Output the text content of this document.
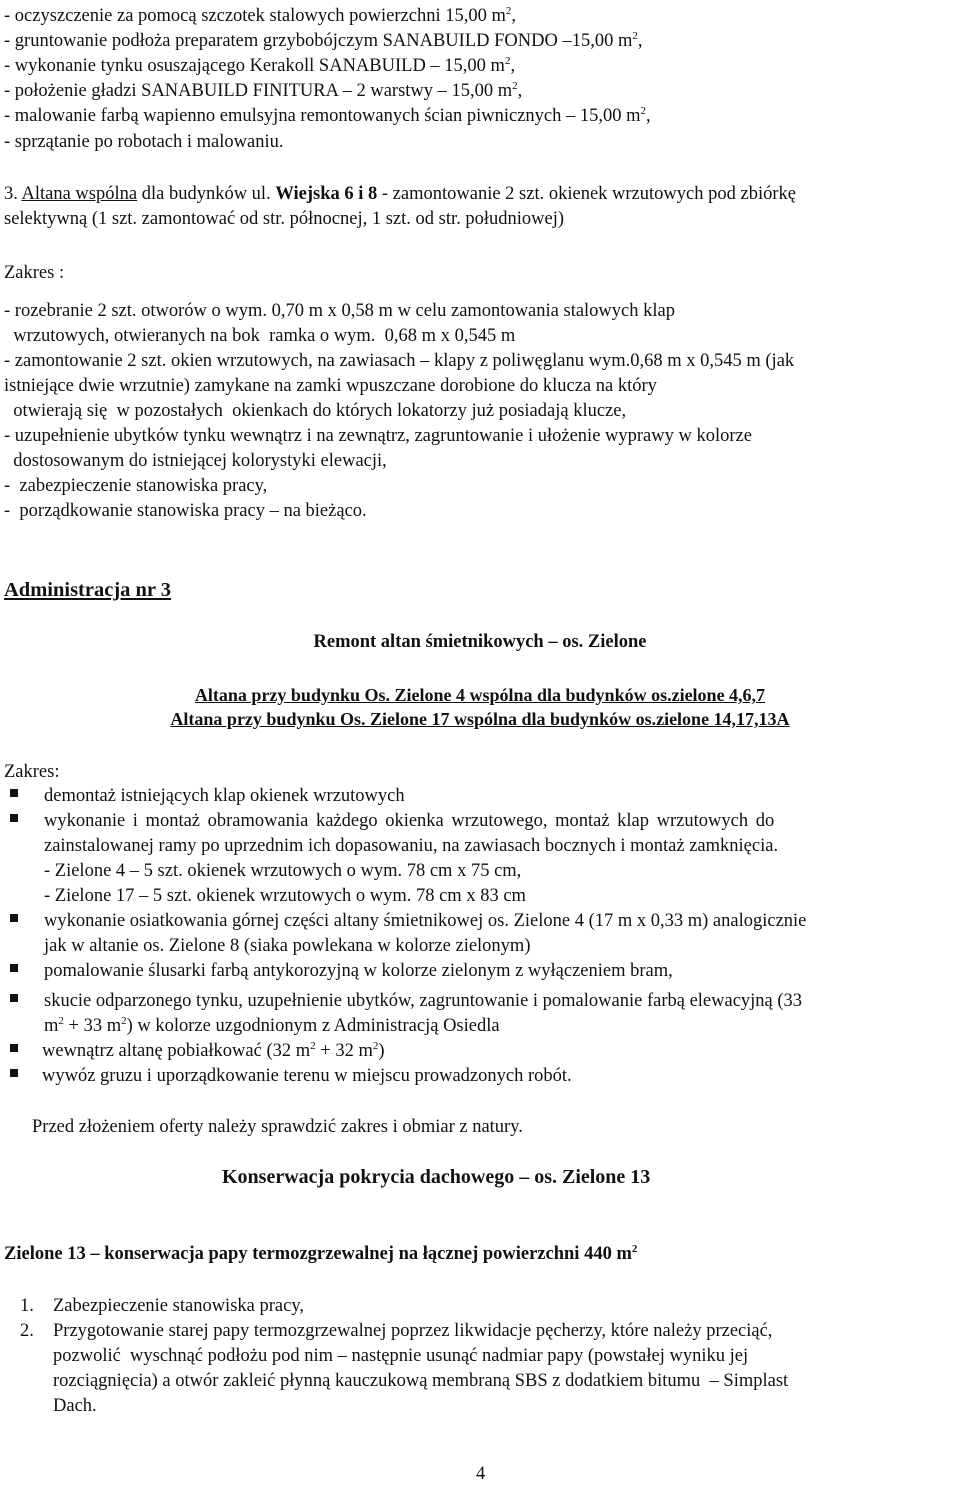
- oczyszczenie za pomocą szczotek stalowych powierzchni 15,00 $m^2$,
- gruntowanie podłoża preparatem grzybobójczym SANABUILD FONDO –15,00 $m^2$,
- wykonanie tynku osuszającego Kerakoll SANABUILD – 15,00 $m^2$,
- położenie gładzi SANABUILD FINITURA – 2 warstwy – 15,00 $m^2$,
- malowanie farbą wapienno emulsyjna remontowanych ścian piwnicznych – 15,00 $m^2$,
- sprzątanie po robotach i malowaniu.
3. Altana wspólna dla budynków ul. Wiejska 6 i 8 - zamontowanie 2 szt. okienek wrzutowych pod zbiórkę
selektywną (1 szt. zamontować od str. północnej, 1 szt. od str. południowej)
Zakres :
- rozebranie 2 szt. otworów o wym. 0,70 m x 0,58 m w celu zamontowania stalowych klap
wrzutowych, otwieranych na bok  ramka o wym.  0,68 m x 0,545 m
- zamontowanie 2 szt. okien wrzutowych, na zawiasach – klapy z poliwęglanu wym.0,68 m x 0,545 m (jak
istniejące dwie wrzutnie) zamykane na zamki wpuszczane dorobione do klucza na który
otwierają się  w pozostałych  okienkach do których lokatorzy już posiadają klucze,
- uzupełnienie ubytków tynku wewnątrz i na zewnątrz, zagruntowanie i ułożenie wyprawy w kolorze
dostosowanym do istniejącej kolorystyki elewacji,
-  zabezpieczenie stanowiska pracy,
-  porządkowanie stanowiska pracy – na bieżąco.
Administracja nr 3
Remont altan śmietnikowych – os. Zielone
Altana przy budynku Os. Zielone 4 wspólna dla budynków os.zielone 4,6,7
Altana przy budynku Os. Zielone 17 wspólna dla budynków os.zielone 14,17,13A
Zakres:
demontaż istniejących klap okienek wrzutowych
wykonanie i montaż obramowania każdego okienka wrzutowego, montaż klap wrzutowych do
zainstalowanej ramy po uprzednim ich dopasowaniu, na zawiasach bocznych i montaż zamknięcia.
- Zielone 4 – 5 szt. okienek wrzutowych o wym. 78 cm x 75 cm,
- Zielone 17 – 5 szt. okienek wrzutowych o wym. 78 cm x 83 cm
wykonanie osiatkowania górnej części altany śmietnikowej os. Zielone 4 (17 m x 0,33 m) analogicznie
jak w altanie os. Zielone 8 (siaka powlekana w kolorze zielonym)
pomalowanie ślusarki farbą antykorozyjną w kolorze zielonym z wyłączeniem bram,
skucie odparzonego tynku, uzupełnienie ubytków, zagruntowanie i pomalowanie farbą elewacyjną (33
$m^2 + 33$ $m^2$) w kolorze uzgodnionym z Administracją Osiedla
wewnątrz altanę pobiałkować (32 $m^2 + 32$ $m^2$)
wywóz gruzu i uporządkowanie terenu w miejscu prowadzonych robót.
Przed złożeniem oferty należy sprawdzić zakres i obmiar z natury.
Konserwacja pokrycia dachowego – os. Zielone 13
Zielone 13 – konserwacja papy termozgrzewalnej na łącznej powierzchni 440 $m^2$
1. Zabezpieczenie stanowiska pracy,
2. Przygotowanie starej papy termozgrzewalnej poprzez likwidacje pęcherzy, które należy przeciąć,
pozwolić  wyschnąć podłożu pod nim – następnie usunąć nadmiar papy (powstałej wyniku jej
rozciągnięcia) a otwór zakleić płynną kauczukową membraną SBS z dodatkiem bitumu  – Simplast
Dach.
4
